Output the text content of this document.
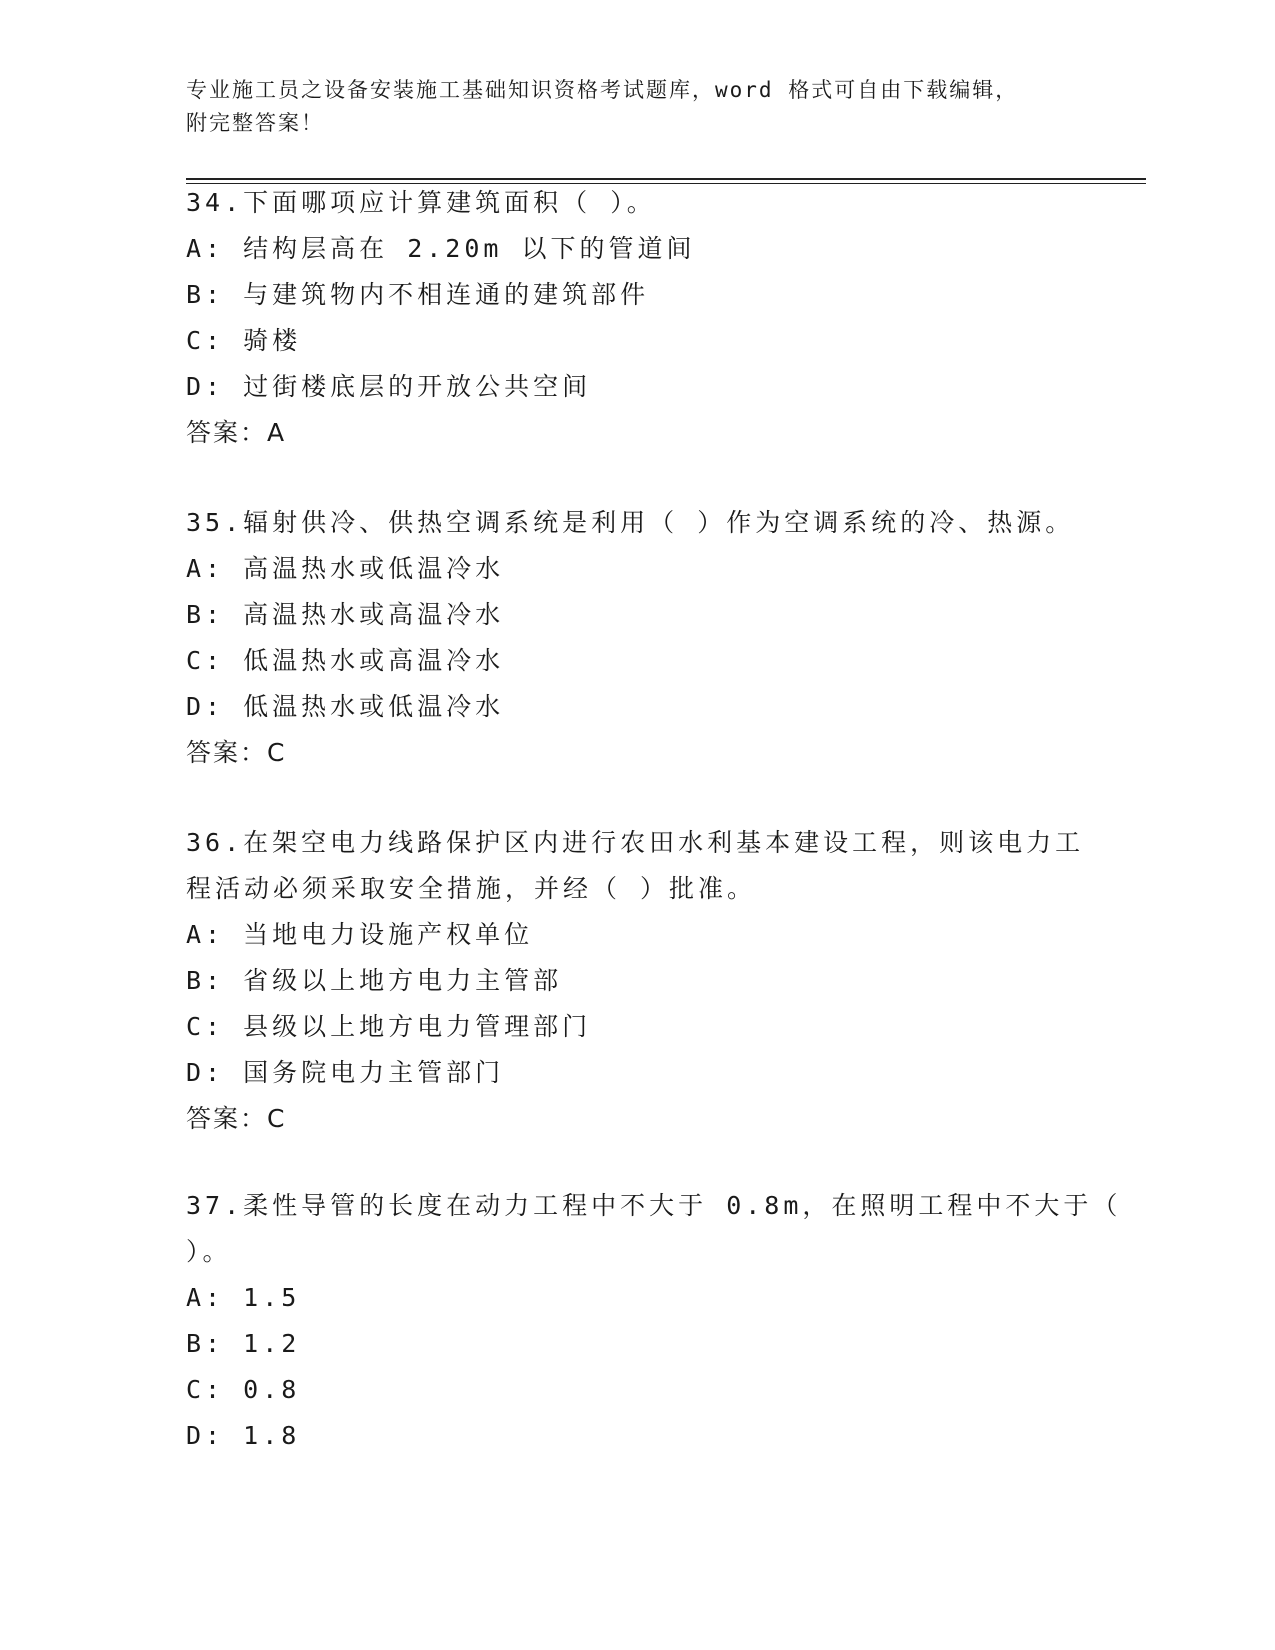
专业施工员之设备安装施工基础知识资格考试题库，word 格式可自由下载编辑，
附完整答案！
34.下面哪项应计算建筑面积（ ）。
A: 结构层高在 2.20m 以下的管道间
B: 与建筑物内不相连通的建筑部件
C: 骑楼
D: 过街楼底层的开放公共空间
答案：A
35.辐射供冷、供热空调系统是利用（ ）作为空调系统的冷、热源。
A: 高温热水或低温冷水
B: 高温热水或高温冷水
C: 低温热水或高温冷水
D: 低温热水或低温冷水
答案：C
36.在架空电力线路保护区内进行农田水利基本建设工程，则该电力工
程活动必须采取安全措施，并经（ ）批准。
A: 当地电力设施产权单位
B: 省级以上地方电力主管部
C: 县级以上地方电力管理部门
D: 国务院电力主管部门
答案：C
37.柔性导管的长度在动力工程中不大于 0.8m，在照明工程中不大于（
）。
A: 1.5
B: 1.2
C: 0.8
D: 1.8
